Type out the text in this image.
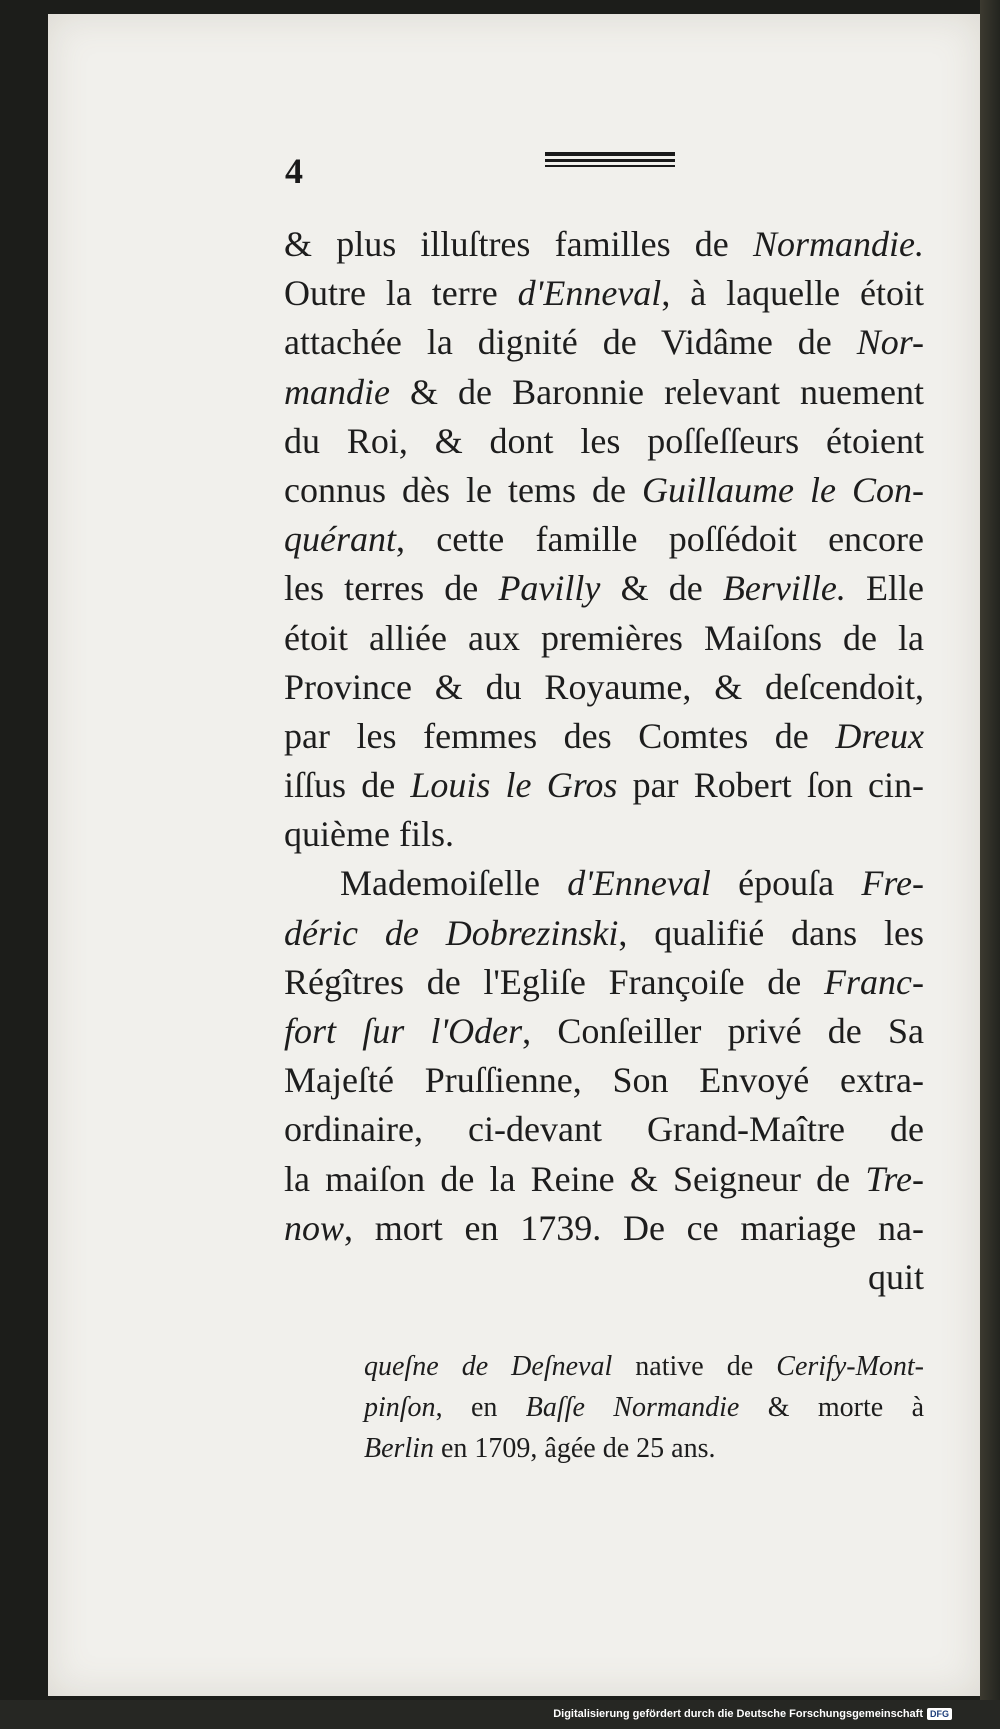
4
& plus illuſtres familles de Normandie.
Outre la terre d'Enneval, à laquelle étoit
attachée la dignité de Vidâme de Nor-
mandie & de Baronnie relevant nuement
du Roi, & dont les poſſeſſeurs étoient
connus dès le tems de Guillaume le Con-
quérant, cette famille poſſédoit encore
les terres de Pavilly & de Berville. Elle
étoit alliée aux premières Maiſons de la
Province & du Royaume, & deſcendoit,
par les femmes des Comtes de Dreux
iſſus de Louis le Gros par Robert ſon cin-
quième fils.
Mademoiſelle d'Enneval épouſa Fre-
déric de Dobrezinski, qualifié dans les
Régîtres de l'Egliſe Françoiſe de Franc-
fort ſur l'Oder, Conſeiller privé de Sa
Majeſté Pruſſienne, Son Envoyé extra-
ordinaire, ci-devant Grand-Maître de
la maiſon de la Reine & Seigneur de Tre-
now, mort en 1739. De ce mariage na-
quit
queſne de Deſneval native de Cerify-Mont-
pinſon, en Baſſe Normandie & morte à
Berlin en 1709, âgée de 25 ans.
Digitalisierung gefördert durch die Deutsche Forschungsgemeinschaft DFG
